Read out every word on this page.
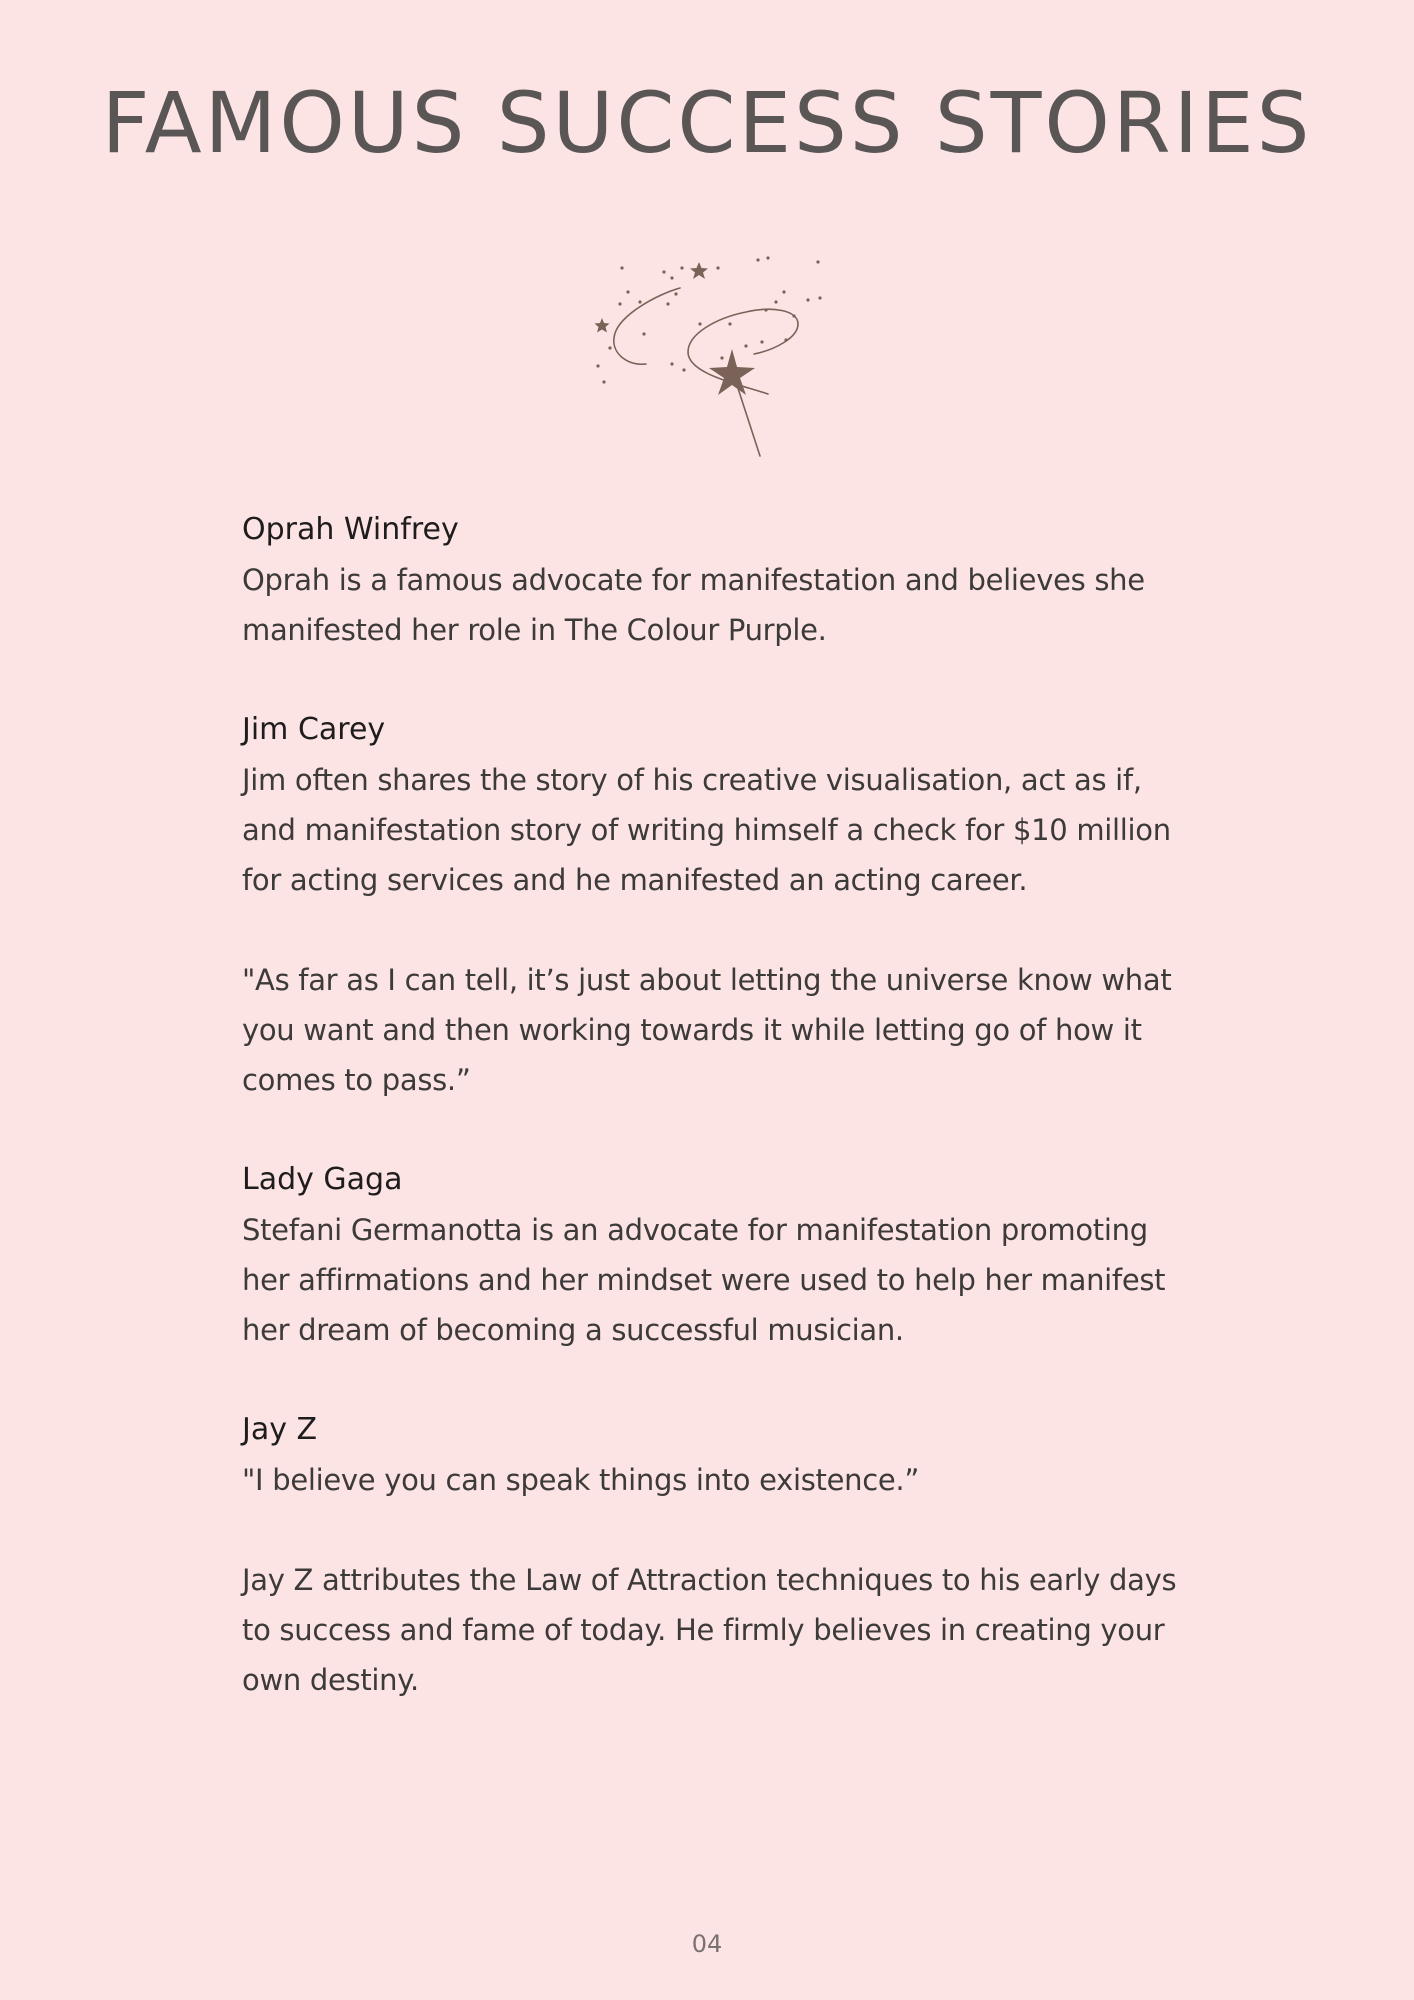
FAMOUS SUCCESS STORIES

Oprah Winfrey

Oprah is a famous advocate for manifestation and believes she manifested her role in The Colour Purple.

Jim Carey

Jim often shares the story of his creative visualisation, act as if, and manifestation story of writing himself a check for $10 million for acting services and he manifested an acting career.

"As far as I can tell, it’s just about letting the universe know what you want and then working towards it while letting go of how it comes to pass.”

Lady Gaga

Stefani Germanotta is an advocate for manifestation promoting her affirmations and her mindset were used to help her manifest her dream of becoming a successful musician.

Jay Z

"I believe you can speak things into existence.”

Jay Z attributes the Law of Attraction techniques to his early days to success and fame of today. He firmly believes in creating your own destiny.

04
